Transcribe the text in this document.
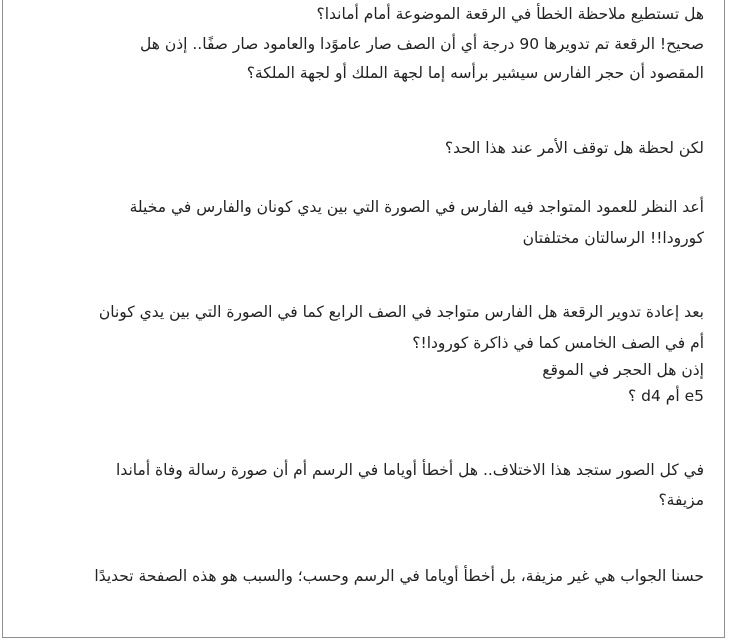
هل تستطيع ملاحظة الخطأ في الرقعة الموضوعة أمام أماندا؟
صحيح! الرقعة تم تدويرها 90 درجة أي أن الصف صار عاموًدا والعامود صار صفًا.. إذن هل
المقصود أن حجر الفارس سيشير برأسه إما لجهة الملك أو لجهة الملكة؟
لكن لحظة هل توقف الأمر عند هذا الحد؟
أعد النظر للعمود المتواجد فيه الفارس في الصورة التي بين يدي كونان والفارس في مخيلة
كورودا!! الرسالتان مختلفتان
بعد إعادة تدوير الرقعة هل الفارس متواجد في الصف الرابع كما في الصورة التي بين يدي كونان
أم في الصف الخامس كما في ذاكرة كورودا!؟
إذن هل الحجر في الموقع
e5 أم d4 ؟
في كل الصور ستجد هذا الاختلاف.. هل أخطأ أوياما في الرسم أم أن صورة رسالة وفاة أماندا
مزيفة؟
حسنا الجواب هي غير مزيفة، بل أخطأ أوياما في الرسم وحسب؛ والسبب هو هذه الصفحة تحديدًا
